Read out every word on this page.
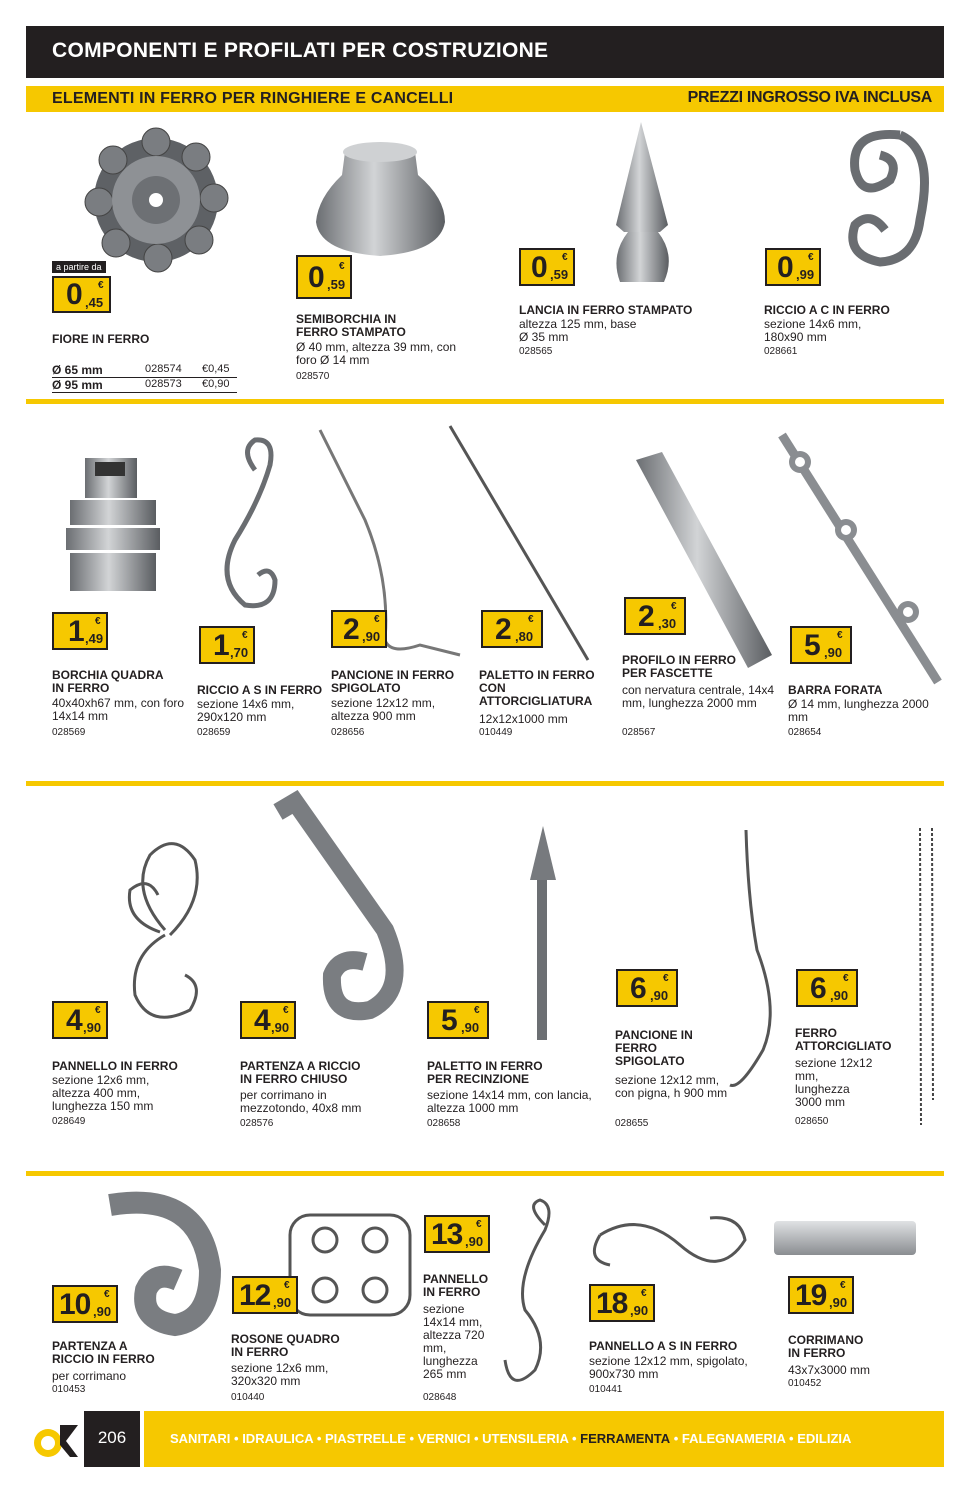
COMPONENTI E PROFILATI PER COSTRUZIONE
ELEMENTI IN FERRO PER RINGHIERE E CANCELLI	PREZZI INGROSSO IVA INCLUSA
a partire da
0 €
,45
FIORE IN FERRO
Ø 65 mm	028574 €0,45
Ø 95 mm	028573 €0,90
0 €
,59
SEMIBORCHIA IN FERRO STAMPATO
Ø 40 mm, altezza 39 mm, con foro Ø 14 mm
028570
0 €
,59
LANCIA IN FERRO STAMPATO
altezza 125 mm, base Ø 35 mm
028565
0 €
,99
RICCIO A C IN FERRO
sezione 14x6 mm, 180x90 mm
028661
1 €
,49
BORCHIA QUADRA IN FERRO
40x40xh67 mm, con foro 14x14 mm
028569
1 €
,70
RICCIO A S IN FERRO
sezione 14x6 mm, 290x120 mm
028659
2 €
,90
PANCIONE IN FERRO SPIGOLATO
sezione 12x12 mm, altezza 900 mm
028656
2 €
,80
PALETTO IN FERRO CON ATTORCIGLIATURA
12x12x1000 mm
010449
2 €
,30
PROFILO IN FERRO PER FASCETTE
con nervatura centrale, 14x4 mm, lunghezza 2000 mm
028567
5 €
,90
BARRA FORATA
Ø 14 mm, lunghezza 2000 mm
028654
4 €
,90
PANNELLO IN FERRO
sezione 12x6 mm, altezza 400 mm, lunghezza 150 mm
028649
4 €
,90
PARTENZA A RICCIO IN FERRO CHIUSO
per corrimano in mezzotondo, 40x8 mm
028576
5 €
,90
PALETTO IN FERRO PER RECINZIONE
sezione 14x14 mm, con lancia, altezza 1000 mm
028658
6 €
,90
PANCIONE IN FERRO SPIGOLATO
sezione 12x12 mm, con pigna, h 900 mm
028655
6 €
,90
FERRO ATTORCIGLIATO
sezione 12x12 mm, lunghezza 3000 mm
028650
10 €
,90
PARTENZA A RICCIO IN FERRO
per corrimano
010453
12 €
,90
ROSONE QUADRO IN FERRO
sezione 12x6 mm, 320x320 mm
010440
13 €
,90
PANNELLO IN FERRO
sezione 14x14 mm, altezza 720 mm, lunghezza 265 mm
028648
18 €
,90
PANNELLO A S IN FERRO
sezione 12x12 mm, spigolato, 900x730 mm
010441
19 €
,90
CORRIMANO IN FERRO
43x7x3000 mm
010452
206	SANITARI • IDRAULICA • PIASTRELLE • VERNICI • UTENSILERIA • FERRAMENTA • FALEGNAMERIA • EDILIZIA
